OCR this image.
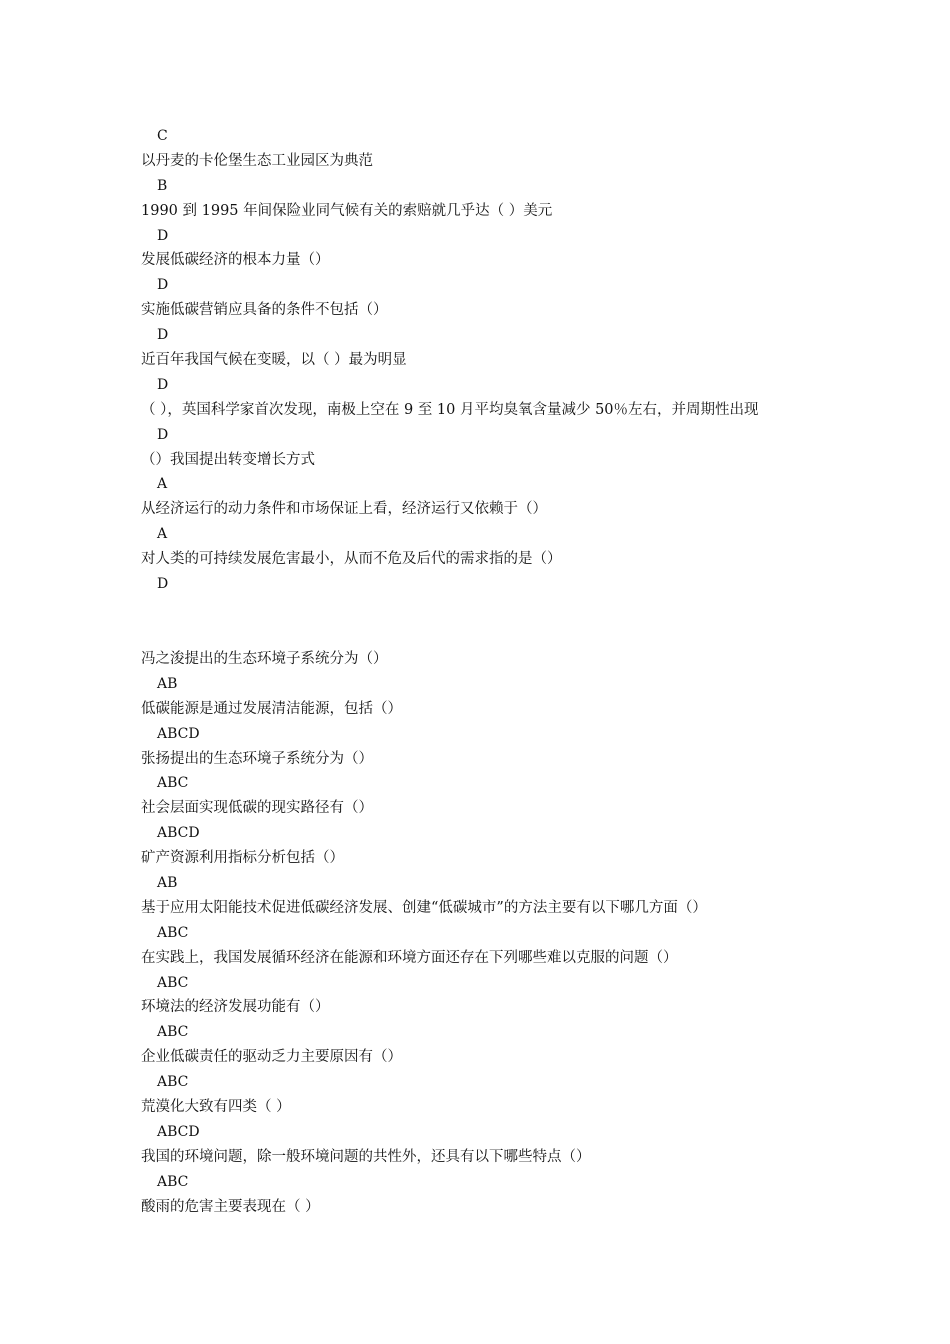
C
以丹麦的卡伦堡生态工业园区为典范
B
1990 到 1995 年间保险业同气候有关的索赔就几乎达（ ）美元
D
发展低碳经济的根本力量（）
D
实施低碳营销应具备的条件不包括（）
D
近百年我国气候在变暖，以（ ）最为明显
D
（ ），英国科学家首次发现，南极上空在 9 至 10 月平均臭氧含量减少 50％左右，并周期性出现
D
（）我国提出转变增长方式
A
从经济运行的动力条件和市场保证上看，经济运行又依赖于（）
A
对人类的可持续发展危害最小，从而不危及后代的需求指的是（）
D
冯之浚提出的生态环境子系统分为（）
AB
低碳能源是通过发展清洁能源，包括（）
ABCD
张扬提出的生态环境子系统分为（）
ABC
社会层面实现低碳的现实路径有（）
ABCD
矿产资源利用指标分析包括（）
AB
基于应用太阳能技术促进低碳经济发展、创建“低碳城市”的方法主要有以下哪几方面（）
ABC
在实践上，我国发展循环经济在能源和环境方面还存在下列哪些难以克服的问题（）
ABC
环境法的经济发展功能有（）
ABC
企业低碳责任的驱动乏力主要原因有（）
ABC
荒漠化大致有四类（ ）
ABCD
我国的环境问题，除一般环境问题的共性外，还具有以下哪些特点（）
ABC
酸雨的危害主要表现在（ ）
